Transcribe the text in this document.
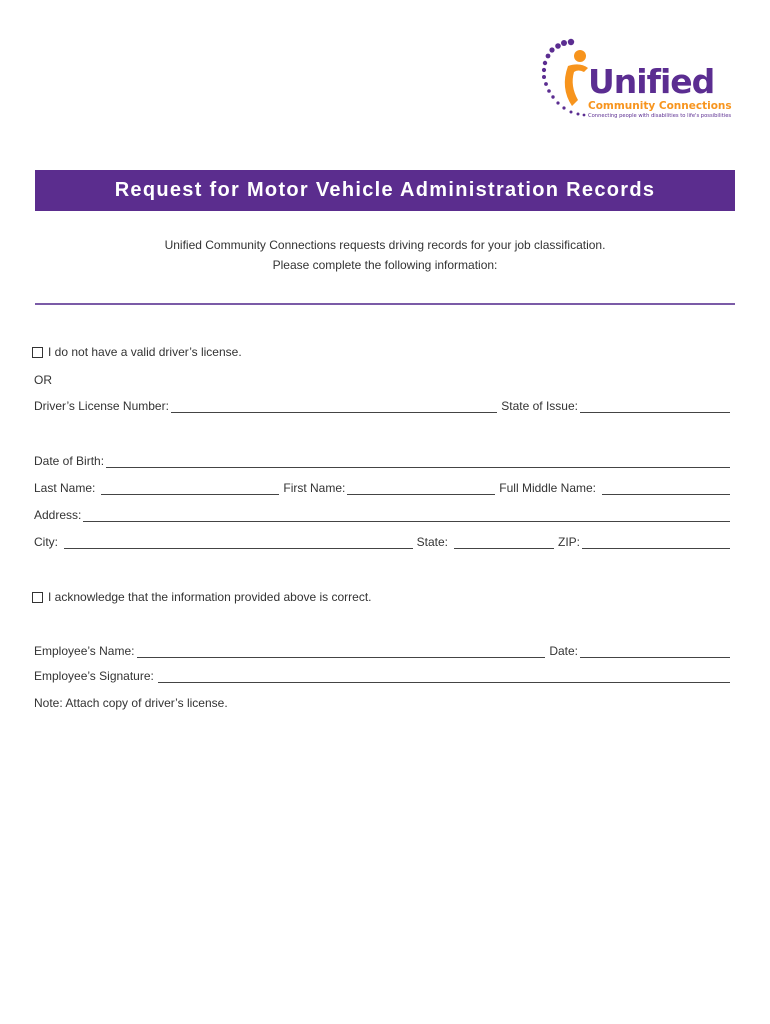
Unified
Community Connections
Connecting people with disabilities to life's possibilities
Request for Motor Vehicle Administration Records
Unified Community Connections requests driving records for your job classification.
Please complete the following information:
I do not have a valid driver’s license.
OR
Driver’s License Number:	State of Issue:
Date of Birth:
Last Name:	First Name:	Full Middle Name:
Address:
City:	State:	ZIP:
I acknowledge that the information provided above is correct.
Employee’s Name:	Date:
Employee’s Signature:
Note: Attach copy of driver’s license.
